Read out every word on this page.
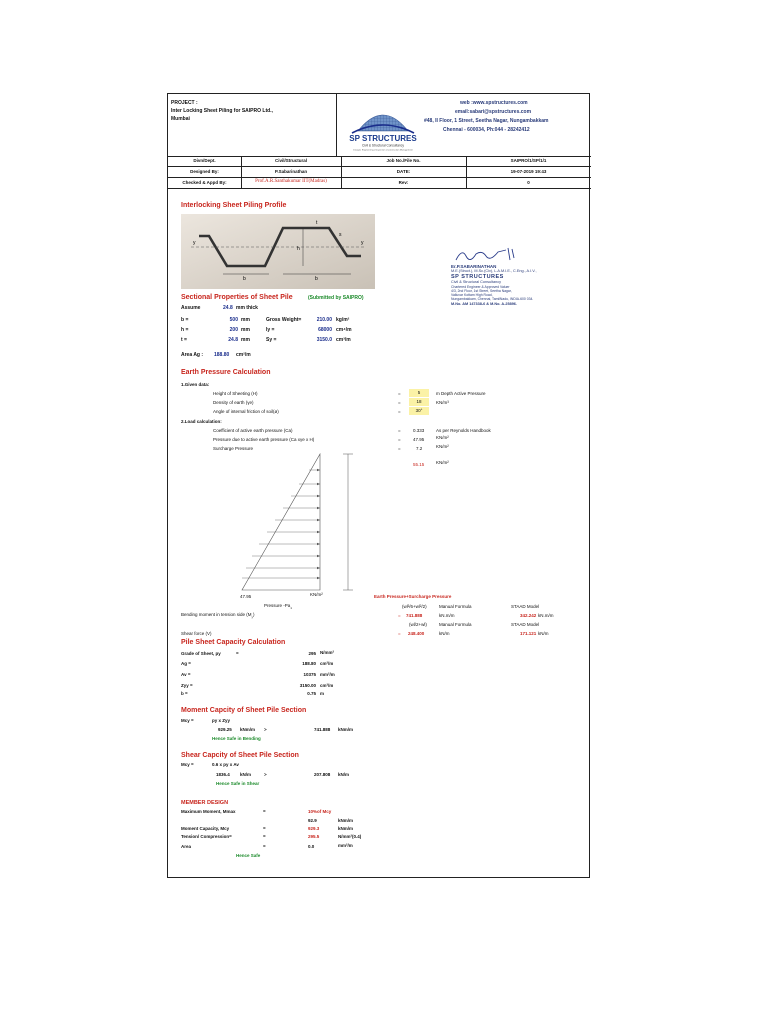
PROJECT :
Inter Locking Sheet Piling for SAIPRO Ltd.,
Mumbai
SP STRUCTURES
Civil & Structural Consultancy
Design | Engineering | Inspection | Construction Management
web :www.spstructures.com
email:sabari@spstructures.com
#48, II Floor, 1 Street, Seetha Nagar, Nungambakkam
Chennai - 600034, Ph:044 - 28242412
Divn/Dept.	Civil/Structural	Job No./File No.	SAIPRO/1/SP/1/1
Designed By:	P.Sabarinathan	DATE:	19-07-2019 19:43
Checked & Appd By:	Prof.A.R.Santhakumar IIT(Madras)	Rev:	0
Interlocking Sheet Piling Profile
y	y
b	b
h
t
s
Er.P.SABARINATHAN
M.E.(Struct.), M.Sc.(Civ), L.A.M.I.E., C.Eng., A.I.V.,
SP STRUCTURES
Civil & Structural Consultancy
Chartered Engineer & Approved Valuer
4/3, 2nd Floor, 1st Street, Seetha Nagar,
Valluvar Kottam High Road,
Nungambakkam, Chennai, TamilNadu, INDIA-600 034.
M.No. AM 147338-6 & M.No. A-25896.
Sectional Properties of Sheet Pile	(Submitted by SAIPRO)
Assume	24.8 mm thick
b =	500 mm	Gross Weight=	210.00 kg/m²
h =	200 mm	Iy =	68000 cm⁴/m
t =	24.8 mm	Sy =	3150.0 cm³/m
Area Ag : 188.80 cm²/m
Earth Pressure Calculation
1.Given data:
Height of Sheeting (H)	=	5	m Depth Active Pressure
Density of earth (γe)	=	18	KN/m³
Angle of internal friction of soil(ø)	=	30°
2.Load calculation:
Coefficient of active earth pressure (Ca)	=	0.333	As per Reynolds Handbook
Pressure due to active earth pressure (Ca xγe x H)	=	47.95	KN/m²
Surcharge Pressure	=	7.2	KN/m²
55.15	KN/m²
47.95	KN/m²
Pressure $-Pa_1$
Earth Pressure+Surcharge Pressure
(wl²/6+wl²/2)	Manual Formula	STAAD Model
Bending moment in tension side $(M_y)$	= 741.888	kN.m/m	342.242 kN.m/m
(wl/2+wl)	Manual Formula	STAAD Model
Shear force (V)	= 248.400	kN/m	171.121 kN/m
Pile Sheet Capacity Calculation
Grade of Sheet, py	=	295 N/mm²
Ag =	188.80 cm²/m
Av =	10375 mm²/m
Zyy =	3150.00 cm³/m
b =	0.75 m
Moment Capcity of Sheet Pile Section
Mcy =	py x Zyy
929.25 kNm/m >	741.888 kNm/m
Hence Safe in Bending
Shear Capcity of Sheet Pile Section
Mcy =	0.6 x py x Av
1836.4 kN/m	>	207.808 kN/m
Hence Safe in Shear
MEMBER DESIGN
Maximum Moment, Mmax	=	10%of Mcy
92.9	kNm/m
Moment Capacity, Mcy	=	929.3	kNm/m
Tension/ Compression=	=	295.5	N/mm²(0.4)
Area	=	0.0	mm²/m
Hence Safe
